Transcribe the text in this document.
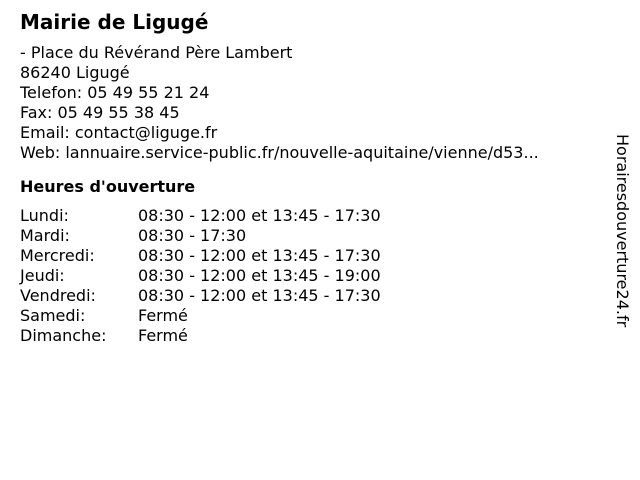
Mairie de Ligugé
- Place du Révérand Père Lambert
86240 Ligugé
Telefon: 05 49 55 21 24
Fax: 05 49 55 38 45
Email: contact@liguge.fr
Web: lannuaire.service-public.fr/nouvelle-aquitaine/vienne/d53...
Heures d'ouverture
Lundi:	08:30 - 12:00 et 13:45 - 17:30
Mardi:	08:30 - 17:30
Mercredi:	08:30 - 12:00 et 13:45 - 17:30
Jeudi:	08:30 - 12:00 et 13:45 - 19:00
Vendredi:	08:30 - 12:00 et 13:45 - 17:30
Samedi:	Fermé
Dimanche:	Fermé
Horairesdouverture24.fr
